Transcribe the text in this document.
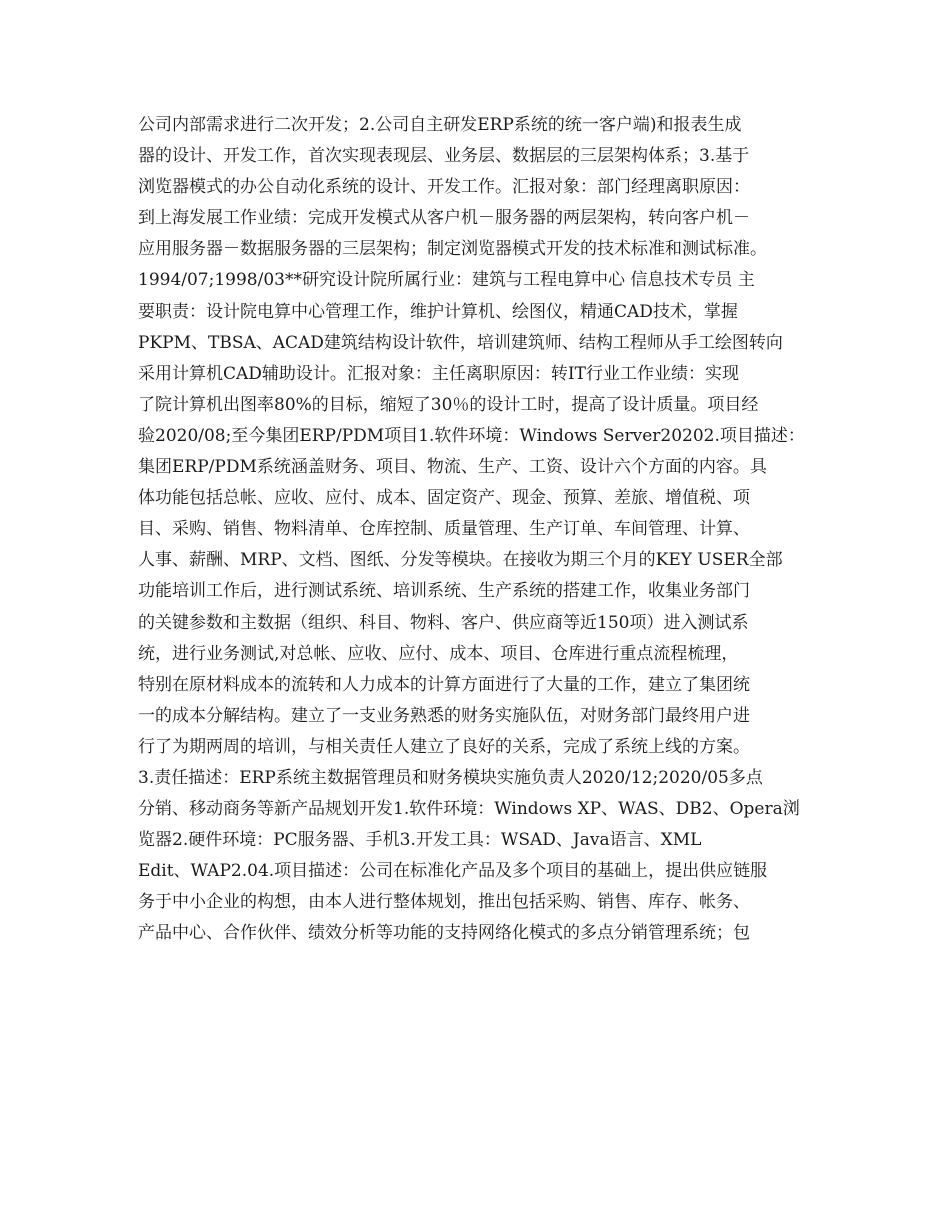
公司内部需求进行二次开发；2.公司自主研发ERP系统的统一客户端)和报表生成
器的设计、开发工作，首次实现表现层、业务层、数据层的三层架构体系；3.基于
浏览器模式的办公自动化系统的设计、开发工作。汇报对象：部门经理离职原因：
到上海发展工作业绩：完成开发模式从客户机－服务器的两层架构，转向客户机－
应用服务器－数据服务器的三层架构；制定浏览器模式开发的技术标准和测试标准。
1994/07;1998/03**研究设计院所属行业：建筑与工程电算中心 信息技术专员 主
要职责：设计院电算中心管理工作，维护计算机、绘图仪，精通CAD技术，掌握
PKPM、TBSA、ACAD建筑结构设计软件，培训建筑师、结构工程师从手工绘图转向
采用计算机CAD辅助设计。汇报对象：主任离职原因：转IT行业工作业绩：实现
了院计算机出图率80%的目标，缩短了30％的设计工时，提高了设计质量。项目经
验2020/08;至今集团ERP/PDM项目1.软件环境：Windows Server20202.项目描述：
集团ERP/PDM系统涵盖财务、项目、物流、生产、工资、设计六个方面的内容。具
体功能包括总帐、应收、应付、成本、固定资产、现金、预算、差旅、增值税、项
目、采购、销售、物料清单、仓库控制、质量管理、生产订单、车间管理、计算、
人事、薪酬、MRP、文档、图纸、分发等模块。在接收为期三个月的KEY USER全部
功能培训工作后，进行测试系统、培训系统、生产系统的搭建工作，收集业务部门
的关键参数和主数据（组织、科目、物料、客户、供应商等近150项）进入测试系
统，进行业务测试,对总帐、应收、应付、成本、项目、仓库进行重点流程梳理，
特别在原材料成本的流转和人力成本的计算方面进行了大量的工作，建立了集团统
一的成本分解结构。建立了一支业务熟悉的财务实施队伍，对财务部门最终用户进
行了为期两周的培训，与相关责任人建立了良好的关系，完成了系统上线的方案。
3.责任描述：ERP系统主数据管理员和财务模块实施负责人2020/12;2020/05多点
分销、移动商务等新产品规划开发1.软件环境：Windows XP、WAS、DB2、Opera浏
览器2.硬件环境：PC服务器、手机3.开发工具：WSAD、Java语言、XML
Edit、WAP2.04.项目描述：公司在标准化产品及多个项目的基础上，提出供应链服
务于中小企业的构想，由本人进行整体规划，推出包括采购、销售、库存、帐务、
产品中心、合作伙伴、绩效分析等功能的支持网络化模式的多点分销管理系统；包
